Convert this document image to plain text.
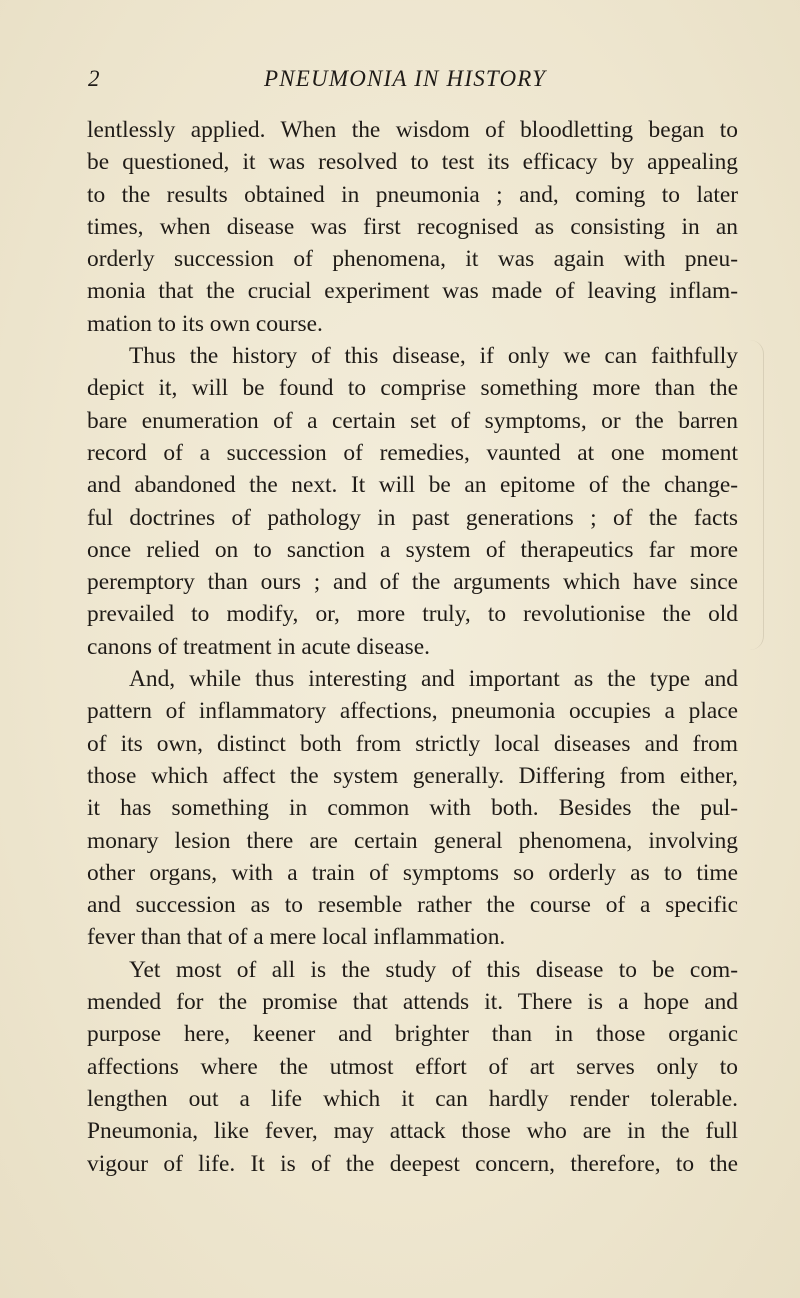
2	PNEUMONIA IN HISTORY
lentlessly applied. When the wisdom of bloodletting began to
be questioned, it was resolved to test its efficacy by appealing
to the results obtained in pneumonia ; and, coming to later
times, when disease was first recognised as consisting in an
orderly succession of phenomena, it was again with pneu-
monia that the crucial experiment was made of leaving inflam-
mation to its own course.
Thus the history of this disease, if only we can faithfully
depict it, will be found to comprise something more than the
bare enumeration of a certain set of symptoms, or the barren
record of a succession of remedies, vaunted at one moment
and abandoned the next. It will be an epitome of the change-
ful doctrines of pathology in past generations ; of the facts
once relied on to sanction a system of therapeutics far more
peremptory than ours ; and of the arguments which have since
prevailed to modify, or, more truly, to revolutionise the old
canons of treatment in acute disease.
And, while thus interesting and important as the type and
pattern of inflammatory affections, pneumonia occupies a place
of its own, distinct both from strictly local diseases and from
those which affect the system generally. Differing from either,
it has something in common with both. Besides the pul-
monary lesion there are certain general phenomena, involving
other organs, with a train of symptoms so orderly as to time
and succession as to resemble rather the course of a specific
fever than that of a mere local inflammation.
Yet most of all is the study of this disease to be com-
mended for the promise that attends it. There is a hope and
purpose here, keener and brighter than in those organic
affections where the utmost effort of art serves only to
lengthen out a life which it can hardly render tolerable.
Pneumonia, like fever, may attack those who are in the full
vigour of life. It is of the deepest concern, therefore, to the
